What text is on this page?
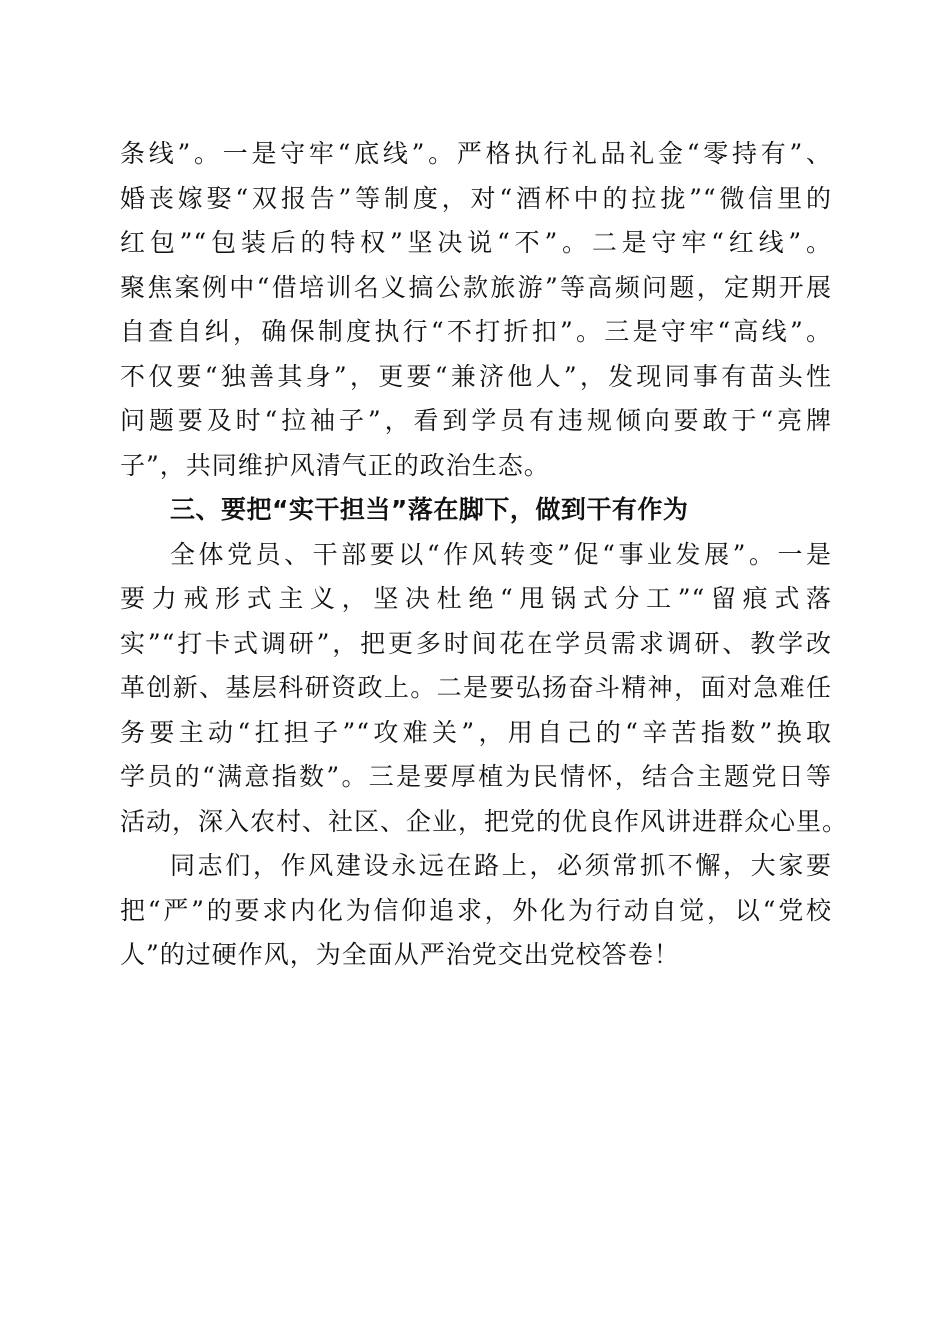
条线”。一是守牢“底线”。严格执行礼品礼金“零持有”、
婚丧嫁娶“双报告”等制度，对“酒杯中的拉拢”“微信里的
红包”“包装后的特权”坚决说“不”。二是守牢“红线”。
聚焦案例中“借培训名义搞公款旅游”等高频问题，定期开展
自查自纠，确保制度执行“不打折扣”。三是守牢“高线”。
不仅要“独善其身”，更要“兼济他人”，发现同事有苗头性
问题要及时“拉袖子”，看到学员有违规倾向要敢于“亮牌
子”，共同维护风清气正的政治生态。
三、要把“实干担当”落在脚下，做到干有作为
全体党员、干部要以“作风转变”促“事业发展”。一是
要力戒形式主义，坚决杜绝“甩锅式分工”“留痕式落
实”“打卡式调研”，把更多时间花在学员需求调研、教学改
革创新、基层科研资政上。二是要弘扬奋斗精神，面对急难任
务要主动“扛担子”“攻难关”，用自己的“辛苦指数”换取
学员的“满意指数”。三是要厚植为民情怀，结合主题党日等
活动，深入农村、社区、企业，把党的优良作风讲进群众心里。
同志们，作风建设永远在路上，必须常抓不懈，大家要
把“严”的要求内化为信仰追求，外化为行动自觉，以“党校
人”的过硬作风，为全面从严治党交出党校答卷！
